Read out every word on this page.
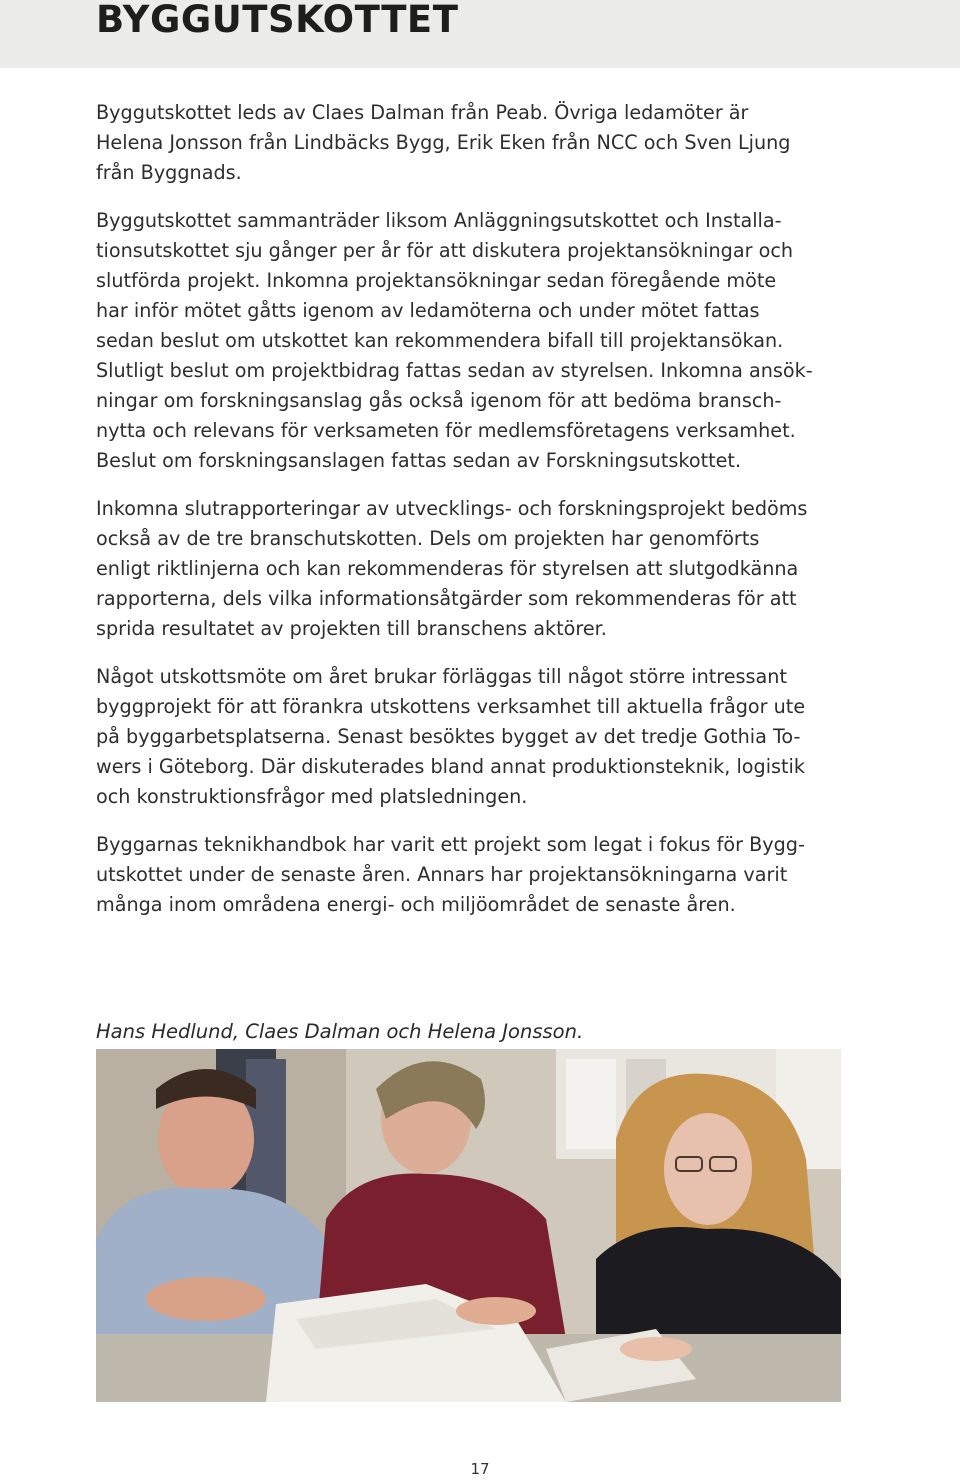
BYGGUTSKOTTET

Byggutskottet leds av Claes Dalman från Peab. Övriga ledamöter är
Helena Jonsson från Lindbäcks Bygg, Erik Eken från NCC och Sven Ljung
från Byggnads.

Byggutskottet sammanträder liksom Anläggningsutskottet och Installa-
tionsutskottet sju gånger per år för att diskutera projektansökningar och
slutförda projekt. Inkomna projektansökningar sedan föregående möte
har inför mötet gåtts igenom av ledamöterna och under mötet fattas
sedan beslut om utskottet kan rekommendera bifall till projektansökan.
Slutligt beslut om projektbidrag fattas sedan av styrelsen. Inkomna ansök-
ningar om forskningsanslag gås också igenom för att bedöma bransch-
nytta och relevans för verksameten för medlemsföretagens verksamhet.
Beslut om forskningsanslagen fattas sedan av Forskningsutskottet.

Inkomna slutrapporteringar av utvecklings- och forskningsprojekt bedöms
också av de tre branschutskotten. Dels om projekten har genomförts
enligt riktlinjerna och kan rekommenderas för styrelsen att slutgodkänna
rapporterna, dels vilka informationsåtgärder som rekommenderas för att
sprida resultatet av projekten till branschens aktörer.

Något utskottsmöte om året brukar förläggas till något större intressant
byggprojekt för att förankra utskottens verksamhet till aktuella frågor ute
på byggarbetsplatserna. Senast besöktes bygget av det tredje Gothia To-
wers i Göteborg. Där diskuterades bland annat produktionsteknik, logistik
och konstruktionsfrågor med platsledningen.

Byggarnas teknikhandbok har varit ett projekt som legat i fokus för Bygg-
utskottet under de senaste åren. Annars har projektansökningarna varit
många inom områdena energi- och miljöområdet de senaste åren.

Hans Hedlund, Claes Dalman och Helena Jonsson.

17
